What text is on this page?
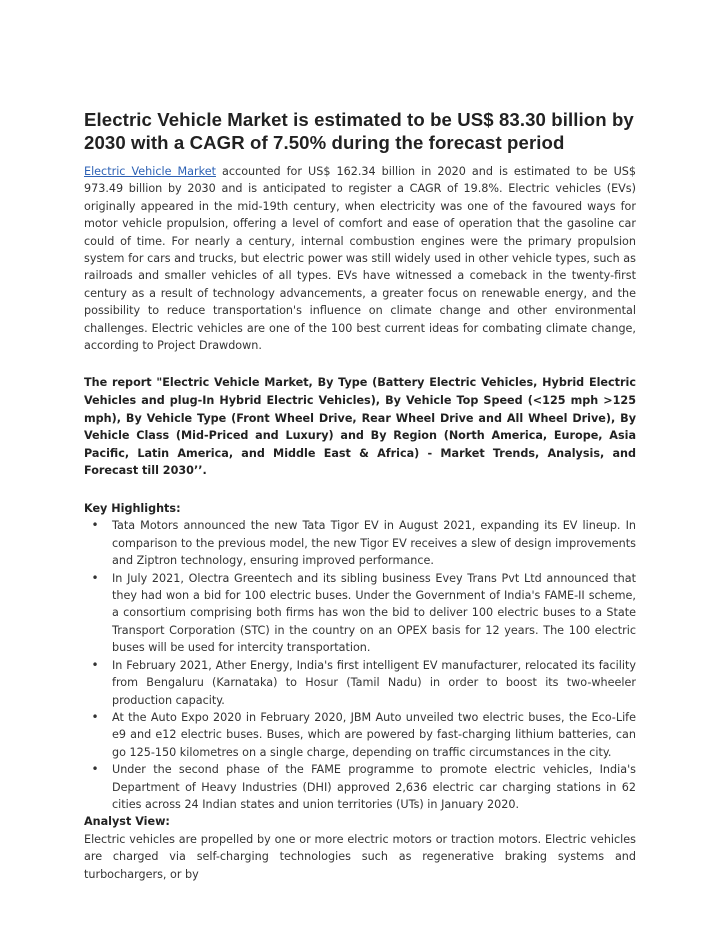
Electric Vehicle Market is estimated to be US$ 83.30 billion by 2030 with a CAGR of 7.50% during the forecast period

Electric Vehicle Market accounted for US$ 162.34 billion in 2020 and is estimated to be US$ 973.49 billion by 2030 and is anticipated to register a CAGR of 19.8%. Electric vehicles (EVs) originally appeared in the mid-19th century, when electricity was one of the favoured ways for motor vehicle propulsion, offering a level of comfort and ease of operation that the gasoline car could of time. For nearly a century, internal combustion engines were the primary propulsion system for cars and trucks, but electric power was still widely used in other vehicle types, such as railroads and smaller vehicles of all types. EVs have witnessed a comeback in the twenty-first century as a result of technology advancements, a greater focus on renewable energy, and the possibility to reduce transportation's influence on climate change and other environmental challenges. Electric vehicles are one of the 100 best current ideas for combating climate change, according to Project Drawdown.

The report "Electric Vehicle Market, By Type (Battery Electric Vehicles, Hybrid Electric Vehicles and plug-In Hybrid Electric Vehicles), By Vehicle Top Speed (<125 mph >125 mph), By Vehicle Type (Front Wheel Drive, Rear Wheel Drive and All Wheel Drive), By Vehicle Class (Mid-Priced and Luxury) and By Region (North America, Europe, Asia Pacific, Latin America, and Middle East & Africa) - Market Trends, Analysis, and Forecast till 2030’’.

Key Highlights:
• Tata Motors announced the new Tata Tigor EV in August 2021, expanding its EV lineup. In comparison to the previous model, the new Tigor EV receives a slew of design improvements and Ziptron technology, ensuring improved performance.
• In July 2021, Olectra Greentech and its sibling business Evey Trans Pvt Ltd announced that they had won a bid for 100 electric buses. Under the Government of India's FAME-II scheme, a consortium comprising both firms has won the bid to deliver 100 electric buses to a State Transport Corporation (STC) in the country on an OPEX basis for 12 years. The 100 electric buses will be used for intercity transportation.
• In February 2021, Ather Energy, India's first intelligent EV manufacturer, relocated its facility from Bengaluru (Karnataka) to Hosur (Tamil Nadu) in order to boost its two-wheeler production capacity.
• At the Auto Expo 2020 in February 2020, JBM Auto unveiled two electric buses, the Eco-Life e9 and e12 electric buses. Buses, which are powered by fast-charging lithium batteries, can go 125-150 kilometres on a single charge, depending on traffic circumstances in the city.
• Under the second phase of the FAME programme to promote electric vehicles, India's Department of Heavy Industries (DHI) approved 2,636 electric car charging stations in 62 cities across 24 Indian states and union territories (UTs) in January 2020.
Analyst View:

Electric vehicles are propelled by one or more electric motors or traction motors. Electric vehicles are charged via self-charging technologies such as regenerative braking systems and turbochargers, or by
